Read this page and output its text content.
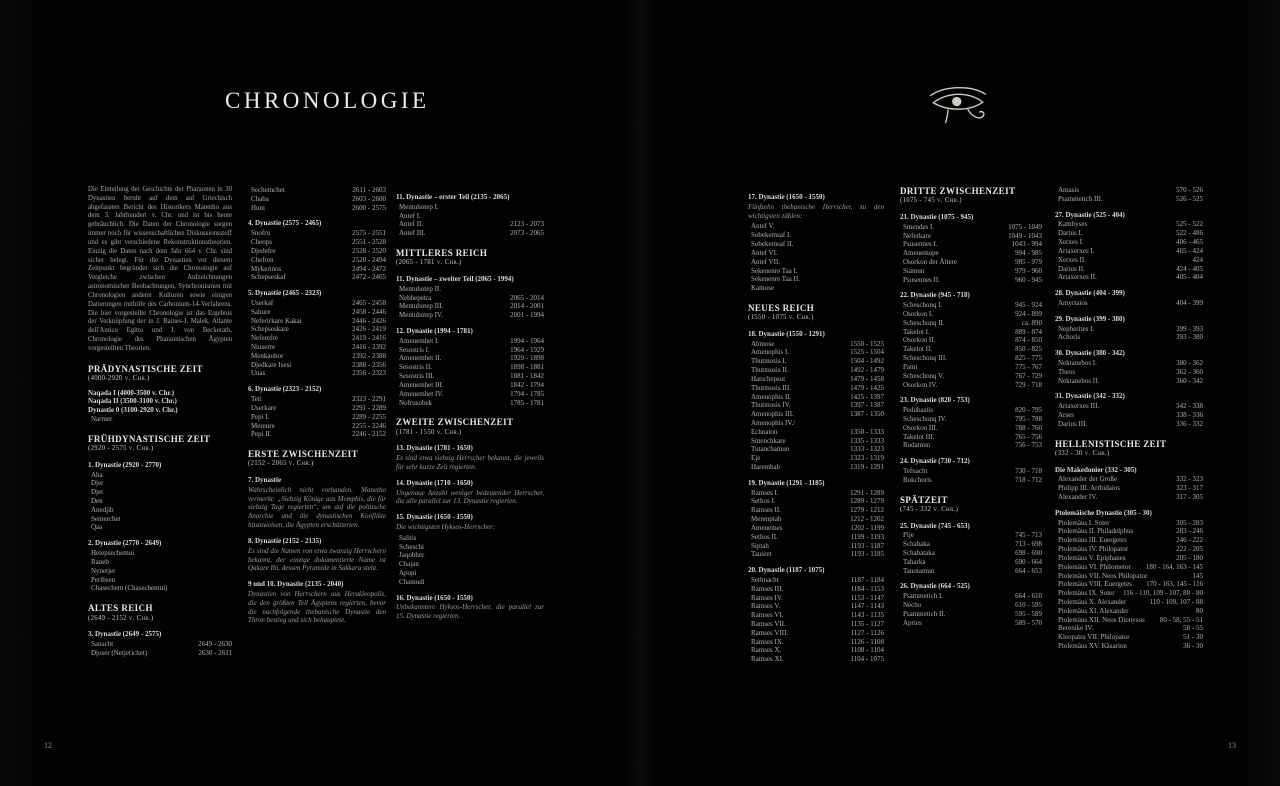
CHRONOLOGIE
Die Einteilung der Geschichte der Pharaonen in 30 Dynastien beruht auf dem auf Griechisch abgefassten Bericht des Historikers Manetho aus dem 3. Jahrhundert v. Chr. und ist bis heute gebräuchlich. Die Daten der Chronologie sorgen immer noch für wissenschaftlichen Diskussionsstoff und es gibt verschiedene Rekonstruktionstheorien. Einzig die Daten nach dem Jahr 664 v. Chr. sind sicher belegt. Für die Dynastien vor diesem Zeitpunkt begründet sich die Chronologie auf Vergleiche zwischen Aufzeichnungen astronomischer Beobachtungen, Synchronismen mit Chronologien anderer Kulturen sowie einigen Datierungen mithilfe des Carbonium-14-Verfahrens. Die hier vorgestellte Chronologie ist das Ergebnis der Verknüpfung der in J. Baines-J. Malek, Atlante dell'Antico Egitto und J. von Beckerath, Chronologie des Pharaonischen Ägypten vorgestellten Theorien.
PRÄDYNASTISCHE ZEIT
(4000-2920 v. Chr.)
Naqada I (4000-3500 v. Chr.)
Naqada II (3500-3100 v. Chr.)
Dynastie 0 (3100-2920 v. Chr.)
Narmer
FRÜHDYNASTISCHE ZEIT
(2920 - 2575 v. Chr.)
1. Dynastie (2920 - 2770)
Aha
Djer
Djet
Den
Anedjib
Semerchet
Qaa
2. Dynastie (2770 - 2649)
Hetepsechemui
Raneb
Nynetjer
Peribsen
Chasechem (Chasechemui)
ALTES REICH
(2649 - 2152 v. Chr.)
3. Dynastie (2649 - 2575)
Sanacht	2649 - 2630
Djoser (Netjerichet)	2630 - 2611
Sechemchet	2611 - 2603
Chaba	2603 - 2600
Huni	2600 - 2575
4. Dynastie (2575 - 2465)
Snofru	2575 - 2551
Cheops	2551 - 2528
Djedefre	2528 - 2520
Chefren	2520 - 2494
Mykerinos	2494 - 2472
Schepseskaf	2472 - 2465
5. Dynastie (2465 - 2323)
Userkaf	2465 - 2458
Sahure	2458 - 2446
Neferirkare Kakai	2446 - 2426
Schepseskare	2426 - 2419
Neferefre	2419 - 2416
Niuserre	2416 - 2392
Menkauhor	2392 - 2388
Djedkare Isesi	2388 - 2356
Unas	2356 - 2323
6. Dynastie (2323 - 2152)
Teti	2323 - 2291
Userkare	2291 - 2289
Pepi I.	2289 - 2255
Merenre	2255 - 2246
Pepi II.	2246 - 2152
ERSTE ZWISCHENZEIT
(2152 - 2065 v. Chr.)
7. Dynastie
Wahrscheinlich nicht vorhanden. Manetho vermerkt: „Siebzig Könige aus Memphis, die für siebzig Tage regierten“, um auf die politische Anarchie und die dynastischen Konflikte hinzuweisen, die Ägypten erschütterten.
8. Dynastie (2152 - 2135)
Es sind die Namen von etwa zwanzig Herrschern bekannt, der einzige dokumentierte Name ist Qakare Ibi, dessen Pyramide in Sakkara steht.
9 und 10. Dynastie (2135 - 2040)
Dynastien von Herrschern aus Herakleopolis, die den größten Teil Ägyptens regierten, bevor die nachfolgende thebanische Dynastie den Thron bestieg und sich behauptete.
11. Dynastie – erster Teil (2135 - 2065)
Mentuhotep I.
Antef I.
Antef II.	2123 - 2073
Antef III.	2073 - 2065
MITTLERES REICH
(2065 - 1781 v. Chr.)
11. Dynastie – zweiter Teil (2065 - 1994)
Mentuhotep II.
Nebhepetra	2065 - 2014
Mentuhotep III.	2014 - 2001
Mentuhotep IV.	2001 - 1994
12. Dynastie (1994 - 1781)
Amenemhet I.	1994 - 1964
Sesostris I.	1964 - 1929
Amenemhet II.	1929 - 1898
Sesostris II.	1898 - 1881
Sesostris III.	1881 - 1842
Amenemhet III.	1842 - 1794
Amenemhet IV.	1794 - 1785
Nofrusobek	1785 - 1781
ZWEITE ZWISCHENZEIT
(1781 - 1550 v. Chr.)
13. Dynastie (1781 - 1650)
Es sind etwa siebzig Herrscher bekannt, die jeweils für sehr kurze Zeit regierten.
14. Dynastie (1710 - 1650)
Ungenaue Anzahl weniger bedeutender Herrscher, die alle parallel zur 13. Dynastie regierten.
15. Dynastie (1650 - 1550)
Die wichtigsten Hyksos-Herrscher:
Salitis
Scheschi
Jaqobher
Chajan
Apopi
Chamudi
16. Dynastie (1650 - 1550)
Unbekanntere Hyksos-Herrscher, die parallel zur 15. Dynastie regierten.
17. Dynastie (1650 - 1550)
Fünfzehn thebanische Herrscher, zu den wichtigsten zählen:
Antef V.
Sobekemsaf I.
Sobekemsaf II.
Antef VI.
Antef VII.
Sekenenre Taa I.
Sekenenre Taa II.
Kamose
NEUES REICH
(1550 - 1075 v. Chr.)
18. Dynastie (1550 - 1291)
Ahmose	1550 - 1525
Amenophis I.	1525 - 1504
Thutmosis I.	1504 - 1492
Thutmosis II.	1492 - 1479
Hatschepsut	1479 - 1458
Thutmosis III.	1479 - 1425
Amenophis II.	1425 - 1397
Thutmosis IV.	1397 - 1387
Amenophis III.	1387 - 1350
Amenophis IV./
Echnaton	1350 - 1333
Smenchkare	1335 - 1333
Tutanchamun	1333 - 1323
Eje	1323 - 1319
Haremhab	1319 - 1291
19. Dynastie (1291 - 1185)
Ramses I.	1291 - 1289
Sethos I.	1289 - 1279
Ramses II.	1279 - 1212
Merenptah	1212 - 1202
Amenemes	1202 - 1199
Sethos II.	1199 - 1193
Siptah	1193 - 1187
Tausret	1193 - 1185
20. Dynastie (1187 - 1075)
Sethnacht	1187 - 1184
Ramses III.	1184 - 1153
Ramses IV.	1153 - 1147
Ramses V.	1147 - 1143
Ramses VI.	1143 - 1135
Ramses VII.	1135 - 1127
Ramses VIII.	1127 - 1126
Ramses IX.	1126 - 1108
Ramses X.	1108 - 1104
Ramses XI.	1104 - 1075
DRITTE ZWISCHENZEIT
(1075 - 745 v. Chr.)
21. Dynastie (1075 - 945)
Smendes I.	1075 - 1049
Neferkare	1049 - 1043
Psusennes I.	1043 - 994
Amenemope	994 - 985
Osorkon der Ältere	985 - 979
Siamun	979 - 960
Psusennes II.	960 - 945
22. Dynastie (945 - 718)
Scheschonq I.	945 - 924
Osorkon I.	924 - 899
Scheschonq II.	ca. 890
Takelot I.	889 - 874
Osorkon II.	874 - 850
Takelot II.	850 - 825
Scheschonq III.	825 - 775
Pami	775 - 767
Scheschonq V.	767 - 729
Osorkon IV.	729 - 718
23. Dynastie (820 - 753)
Pedubastis	820 - 795
Scheschonq IV.	795 - 788
Osorkon III.	788 - 760
Takelot III.	765 - 756
Rudamun	756 - 753
24. Dynastie (730 - 712)
Tefnacht	730 - 718
Bokchoris	718 - 712
SPÄTZEIT
(745 - 332 v. Chr.)
25. Dynastie (745 - 653)
Pije	745 - 713
Schabaka	713 - 698
Schabataka	698 - 690
Taharka	690 - 664
Tanotamun	664 - 653
26. Dynastie (664 - 525)
Psammetich I.	664 - 610
Necho	610 - 595
Psammetich II.	595 - 589
Apries	589 - 570
Amasis	570 - 526
Psammetich III.	526 - 525
27. Dynastie (525 - 404)
Kambyses	525 - 522
Darius I.	522 - 486
Xerxes I.	486 - 465
Artaxerxes I.	465 - 424
Xerxes II.	424
Darius II.	424 - 405
Artaxerxes II.	405 - 404
28. Dynastie (404 - 399)
Amyrtaios	404 - 399
29. Dynastie (399 - 380)
Nepherites I.	399 - 393
Achoris	393 - 380
30. Dynastie (380 - 342)
Nektanebos I.	380 - 362
Theos	362 - 360
Nektanebos II.	360 - 342
31. Dynastie (342 - 332)
Artaxerxes III.	342 - 338
Arses	338 - 336
Darius III.	336 - 332
HELLENISTISCHE ZEIT
(332 - 30 v. Chr.)
Die Makedonier (332 - 305)
Alexander der Große	332 - 323
Philipp III. Arrhidaios	323 - 317
Alexander IV.	317 - 305
Ptolemäische Dynastie (305 - 30)
Ptolemäus I. Soter	305 - 283
Ptolemäus II. Philadelphus	283 - 246
Ptolemäus III. Euergetes	246 - 222
Ptolemäus IV. Philopator	222 - 205
Ptolemäus V. Epiphanes	205 - 180
Ptolemäus VI. Philometor 180 - 164, 163 - 145
Ptolemäus VII. Neos Philopator	145
Ptolemäus VIII. Euergetes 170 - 163, 145 - 116
Ptolemäus IX. Soter 116 - 110, 109 - 107, 88 - 80
Ptolemäus X. Alexander	110 - 109, 107 - 88
Ptolemäus XI. Alexander	80
Ptolemäus XII. Neos Dionysos 80 - 58, 55 - 51
Berenike IV.	58 - 55
Kleopatra VII. Philopator	51 - 30
Ptolemäus XV. Käsarion	36 - 30
12	13
